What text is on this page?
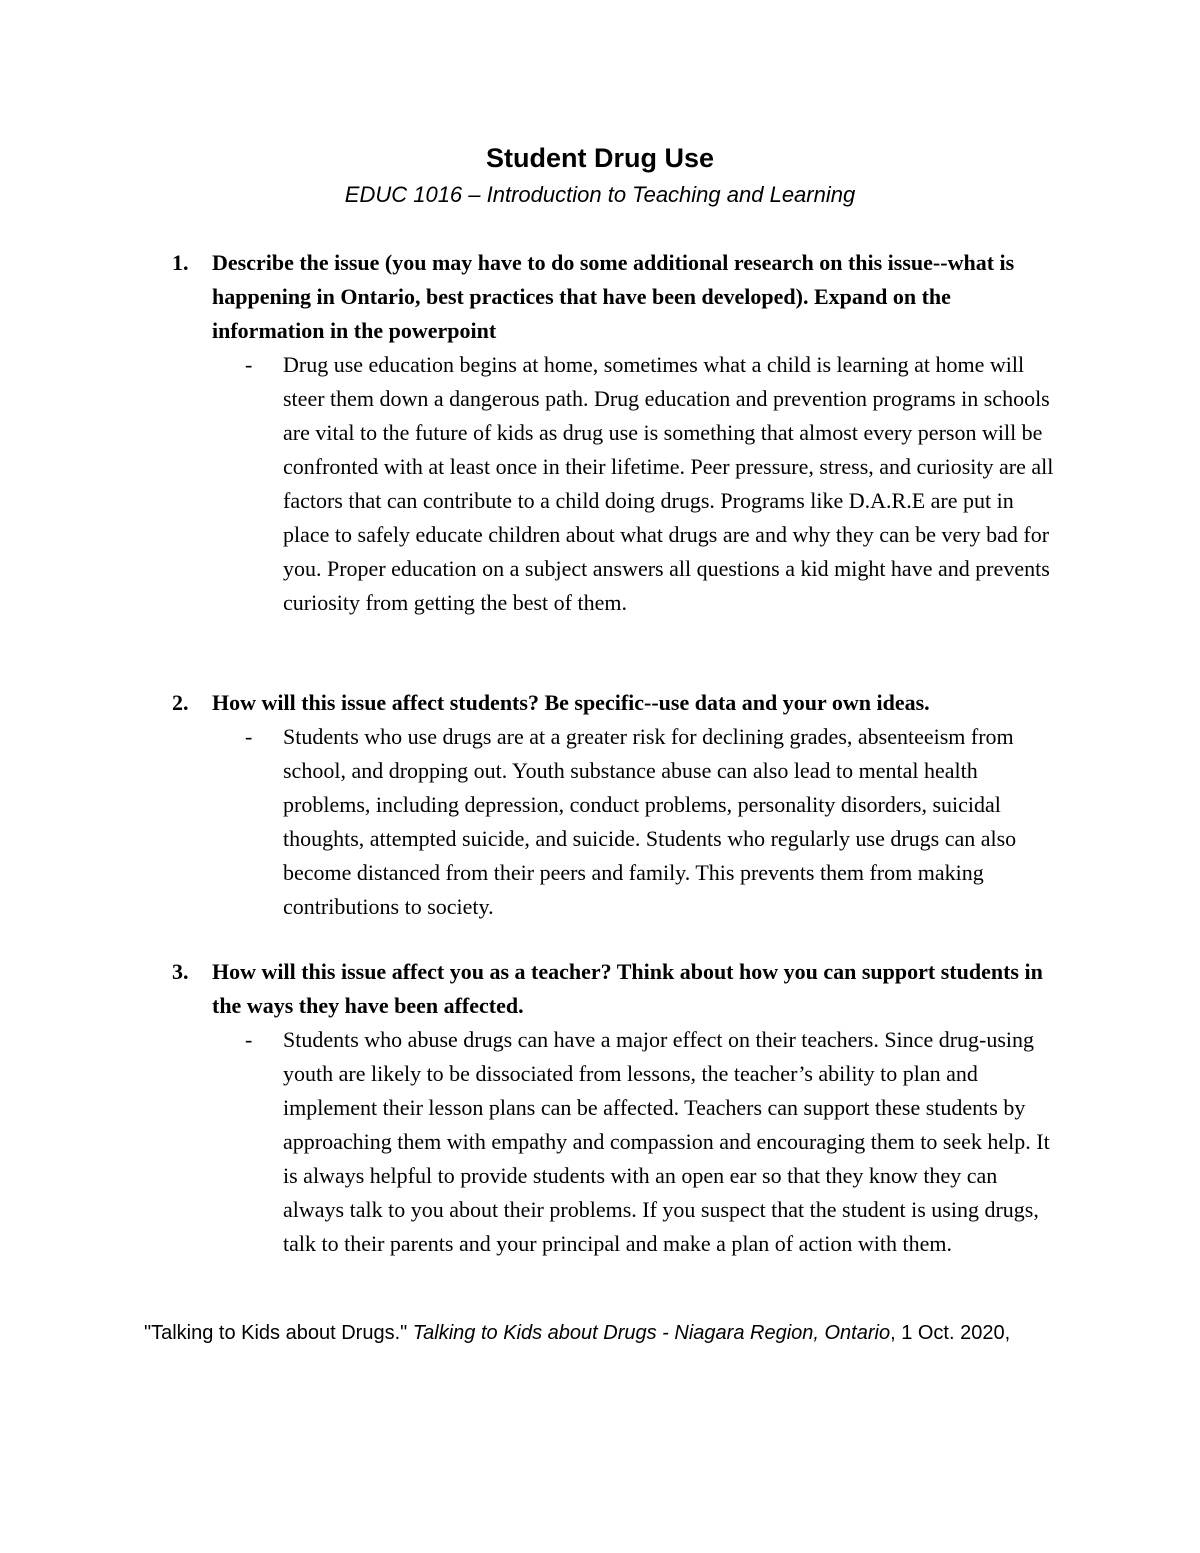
Student Drug Use
EDUC 1016 – Introduction to Teaching and Learning
1. Describe the issue (you may have to do some additional research on this issue--what is happening in Ontario, best practices that have been developed). Expand on the information in the powerpoint
- Drug use education begins at home, sometimes what a child is learning at home will steer them down a dangerous path. Drug education and prevention programs in schools are vital to the future of kids as drug use is something that almost every person will be confronted with at least once in their lifetime. Peer pressure, stress, and curiosity are all factors that can contribute to a child doing drugs. Programs like D.A.R.E are put in place to safely educate children about what drugs are and why they can be very bad for you. Proper education on a subject answers all questions a kid might have and prevents curiosity from getting the best of them.
2. How will this issue affect students? Be specific--use data and your own ideas.
- Students who use drugs are at a greater risk for declining grades, absenteeism from school, and dropping out. Youth substance abuse can also lead to mental health problems, including depression, conduct problems, personality disorders, suicidal thoughts, attempted suicide, and suicide. Students who regularly use drugs can also become distanced from their peers and family. This prevents them from making contributions to society.
3. How will this issue affect you as a teacher? Think about how you can support students in the ways they have been affected.
- Students who abuse drugs can have a major effect on their teachers. Since drug-using youth are likely to be dissociated from lessons, the teacher’s ability to plan and implement their lesson plans can be affected. Teachers can support these students by approaching them with empathy and compassion and encouraging them to seek help. It is always helpful to provide students with an open ear so that they know they can always talk to you about their problems. If you suspect that the student is using drugs, talk to their parents and your principal and make a plan of action with them.
"Talking to Kids about Drugs." Talking to Kids about Drugs - Niagara Region, Ontario, 1 Oct. 2020,
